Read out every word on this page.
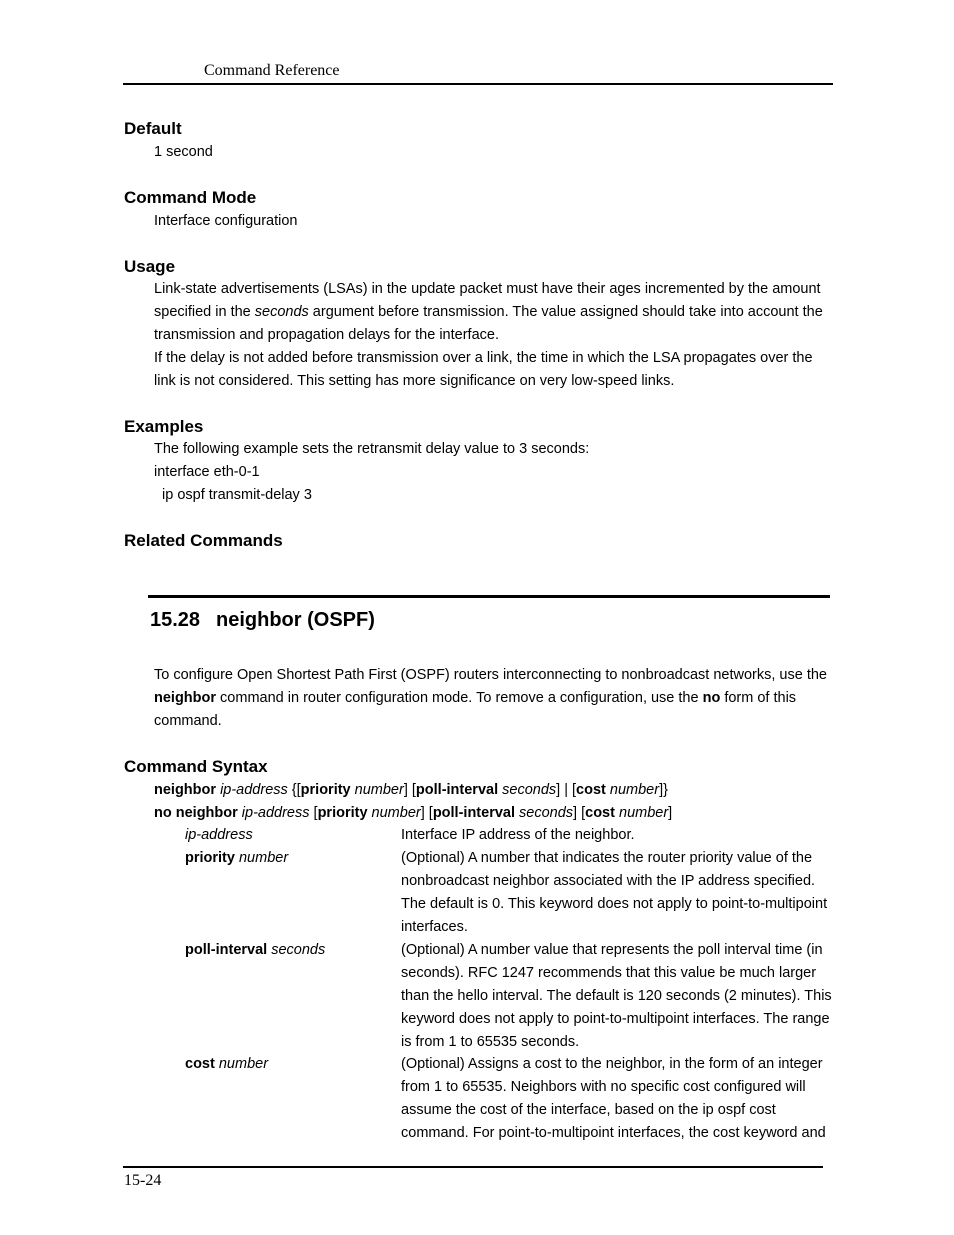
Command Reference
Default
1 second
Command Mode
Interface configuration
Usage
Link-state advertisements (LSAs) in the update packet must have their ages incremented by the amount specified in the seconds argument before transmission. The value assigned should take into account the transmission and propagation delays for the interface.
If the delay is not added before transmission over a link, the time in which the LSA propagates over the link is not considered. This setting has more significance on very low-speed links.
Examples
The following example sets the retransmit delay value to 3 seconds:
interface eth-0-1
ip ospf transmit-delay 3
Related Commands
15.28 neighbor (OSPF)
To configure Open Shortest Path First (OSPF) routers interconnecting to nonbroadcast networks, use the neighbor command in router configuration mode. To remove a configuration, use the no form of this command.
Command Syntax
neighbor ip-address {[priority number] [poll-interval seconds] | [cost number]}
no neighbor ip-address [priority number] [poll-interval seconds] [cost number]
ip-address	Interface IP address of the neighbor.
priority number	(Optional) A number that indicates the router priority value of the nonbroadcast neighbor associated with the IP address specified. The default is 0. This keyword does not apply to point-to-multipoint interfaces.
poll-interval seconds	(Optional) A number value that represents the poll interval time (in seconds). RFC 1247 recommends that this value be much larger than the hello interval. The default is 120 seconds (2 minutes). This keyword does not apply to point-to-multipoint interfaces. The range is from 1 to 65535 seconds.
cost number	(Optional) Assigns a cost to the neighbor, in the form of an integer from 1 to 65535. Neighbors with no specific cost configured will assume the cost of the interface, based on the ip ospf cost command. For point-to-multipoint interfaces, the cost keyword and
15-24
